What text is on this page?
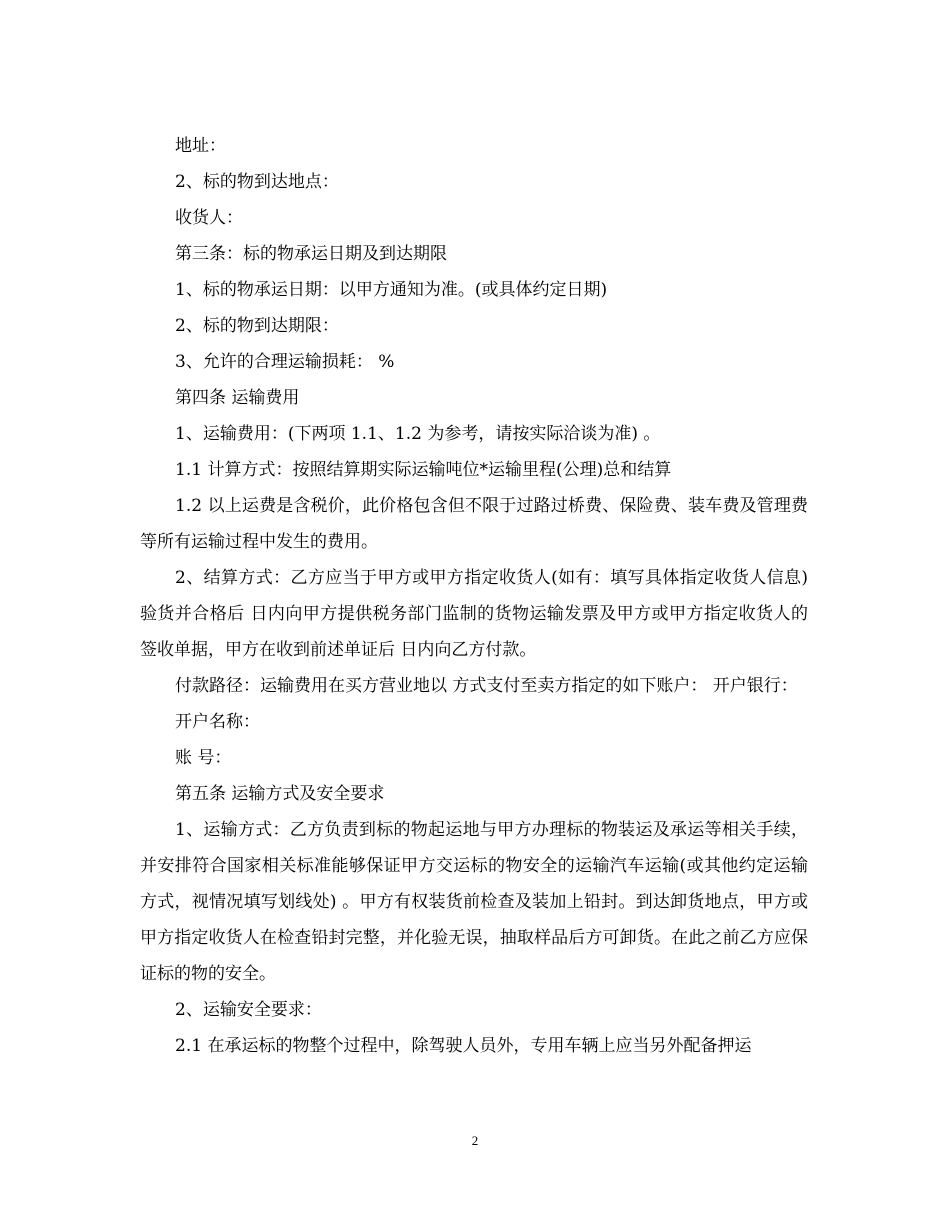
地址：

2、标的物到达地点：

收货人：

第三条：标的物承运日期及到达期限

1、标的物承运日期：以甲方通知为准。(或具体约定日期)

2、标的物到达期限：

3、允许的合理运输损耗： %

第四条 运输费用

1、运输费用：(下两项 1.1、1.2 为参考，请按实际洽谈为准) 。

1.1 计算方式：按照结算期实际运输吨位*运输里程(公理)总和结算

1.2 以上运费是含税价，此价格包含但不限于过路过桥费、保险费、装车费及管理费等所有运输过程中发生的费用。

2、结算方式：乙方应当于甲方或甲方指定收货人(如有：填写具体指定收货人信息) 验货并合格后 日内向甲方提供税务部门监制的货物运输发票及甲方或甲方指定收货人的签收单据，甲方在收到前述单证后 日内向乙方付款。

付款路径：运输费用在买方营业地以 方式支付至卖方指定的如下账户： 开户银行：

开户名称：

账 号：

第五条 运输方式及安全要求

1、运输方式：乙方负责到标的物起运地与甲方办理标的物装运及承运等相关手续，并安排符合国家相关标准能够保证甲方交运标的物安全的运输汽车运输(或其他约定运输方式，视情况填写划线处) 。甲方有权装货前检查及装加上铅封。到达卸货地点，甲方或甲方指定收货人在检查铅封完整，并化验无误，抽取样品后方可卸货。在此之前乙方应保证标的物的安全。

2、运输安全要求：

2.1 在承运标的物整个过程中，除驾驶人员外，专用车辆上应当另外配备押运

2
